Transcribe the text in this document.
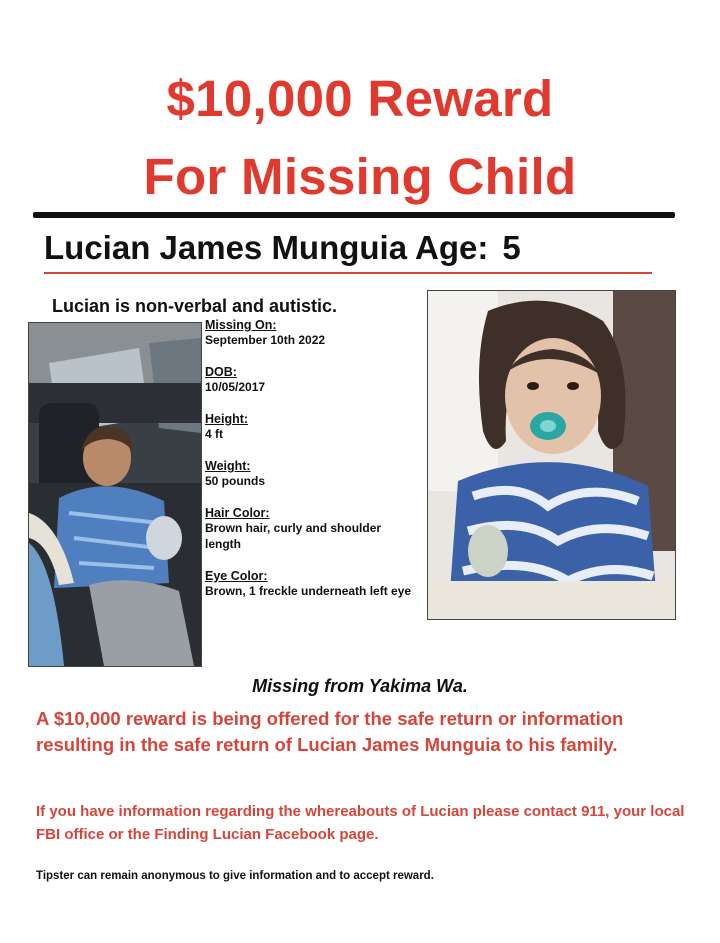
$10,000 Reward
For Missing Child
Lucian James Munguia Age: 5
Lucian is non-verbal and autistic.
Missing On:
September 10th 2022
DOB:
10/05/2017
Height:
4 ft
Weight:
50 pounds
Hair Color:
Brown hair, curly and shoulder length
Eye Color:
Brown, 1 freckle underneath left eye
Missing from Yakima Wa.
A $10,000 reward is being offered for the safe return or information resulting in the safe return of Lucian James Munguia to his family.
If you have information regarding the whereabouts of Lucian please contact 911, your local FBI office or the Finding Lucian Facebook page.
Tipster can remain anonymous to give information and to accept reward.
